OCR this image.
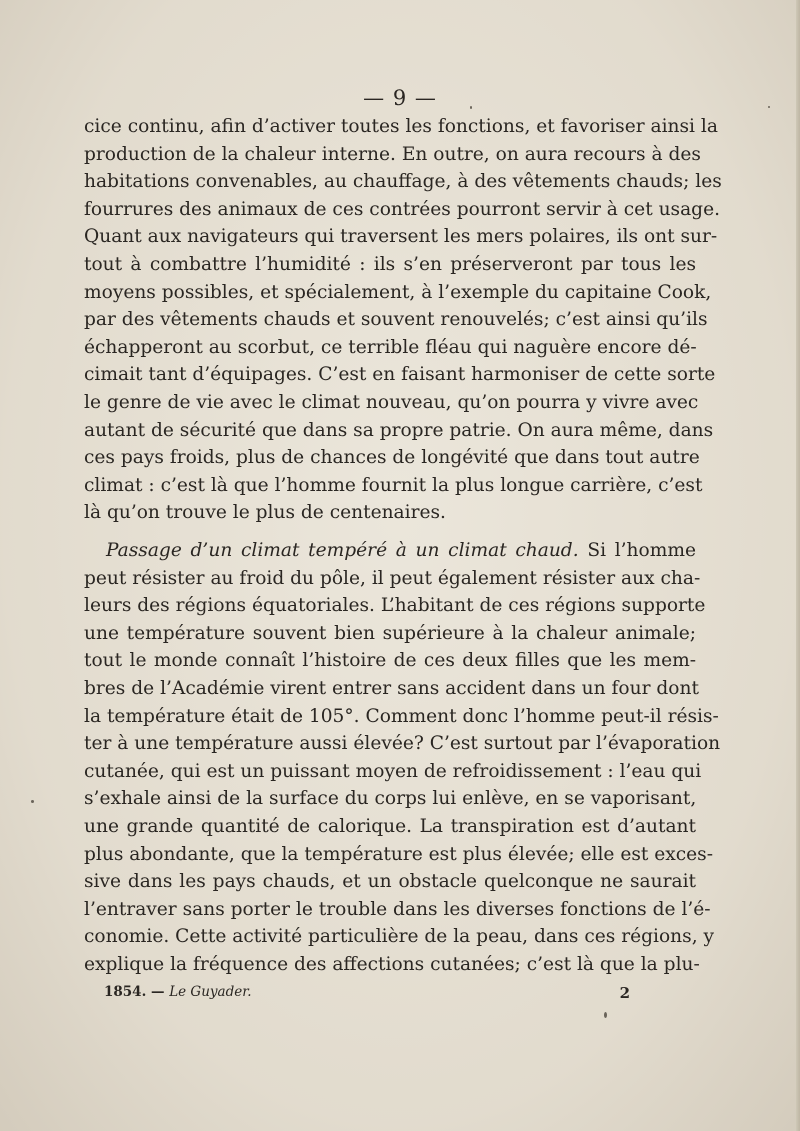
— 9 —
cice continu, afin d’activer toutes les fonctions, et favoriser ainsi la
production de la chaleur interne. En outre, on aura recours à des
habitations convenables, au chauffage, à des vêtements chauds; les
fourrures des animaux de ces contrées pourront servir à cet usage.
Quant aux navigateurs qui traversent les mers polaires, ils ont sur-
tout à combattre l’humidité : ils s’en préserveront par tous les
moyens possibles, et spécialement, à l’exemple du capitaine Cook,
par des vêtements chauds et souvent renouvelés; c’est ainsi qu’ils
échapperont au scorbut, ce terrible fléau qui naguère encore dé-
cimait tant d’équipages. C’est en faisant harmoniser de cette sorte
le genre de vie avec le climat nouveau, qu’on pourra y vivre avec
autant de sécurité que dans sa propre patrie. On aura même, dans
ces pays froids, plus de chances de longévité que dans tout autre
climat : c’est là que l’homme fournit la plus longue carrière, c’est
là qu’on trouve le plus de centenaires.
Passage d’un climat tempéré à un climat chaud. Si l’homme
peut résister au froid du pôle, il peut également résister aux cha-
leurs des régions équatoriales. L’habitant de ces régions supporte
une température souvent bien supérieure à la chaleur animale;
tout le monde connaît l’histoire de ces deux filles que les mem-
bres de l’Académie virent entrer sans accident dans un four dont
la température était de 105°. Comment donc l’homme peut-il résis-
ter à une température aussi élevée? C’est surtout par l’évaporation
cutanée, qui est un puissant moyen de refroidissement : l’eau qui
s’exhale ainsi de la surface du corps lui enlève, en se vaporisant,
une grande quantité de calorique. La transpiration est d’autant
plus abondante, que la température est plus élevée; elle est exces-
sive dans les pays chauds, et un obstacle quelconque ne saurait
l’entraver sans porter le trouble dans les diverses fonctions de l’é-
conomie. Cette activité particulière de la peau, dans ces régions, y
explique la fréquence des affections cutanées; c’est là que la plu-
1854. — Le Guyader.	2
